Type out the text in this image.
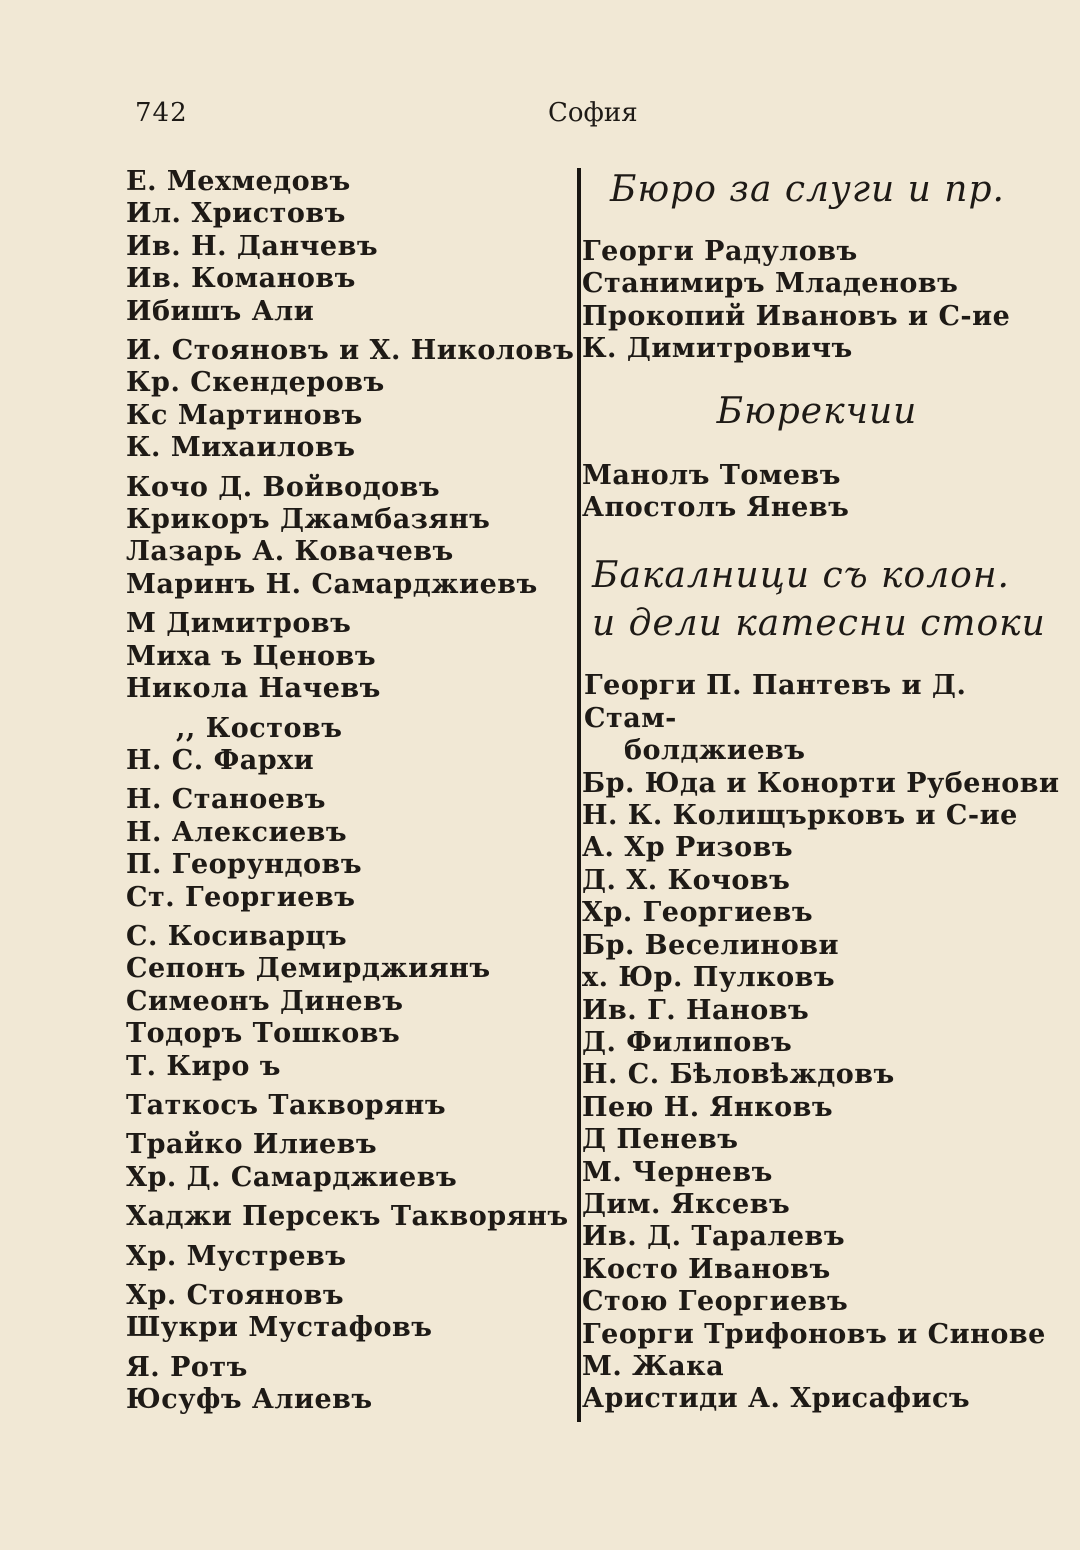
742	София
Е. Мехмедовъ
Ил. Христовъ
Ив. Н. Данчевъ
Ив. Комановъ
Ибишъ Али
И. Стояновъ и Х. Николовъ
Кр. Скендеровъ
Кс Мартиновъ
К. Михаиловъ
Кочо Д. Войводовъ
Крикоръ Джамбазянъ
Лазарь А. Ковачевъ
Маринъ Н. Самарджиевъ
М Димитровъ
Миха ъ Ценовъ
Никола Начевъ
,, Костовъ
Н. С. Фархи
Н. Станоевъ
Н. Алексиевъ
П. Георундовъ
Ст. Георгиевъ
С. Косиварцъ
Сепонъ Демирджиянъ
Симеонъ Диневъ
Тодоръ Тошковъ
Т. Киро ъ
Таткосъ Такворянъ
Трайко Илиевъ
Хр. Д. Самарджиевъ
Хаджи Персекъ Такворянъ
Хр. Мустревъ
Хр. Стояновъ
Шукри Мустафовъ
Я. Ротъ
Юсуфъ Алиевъ
Бюро за слуги и пр.
Георги Радуловъ
Станимиръ Младеновъ
Прокопий Ивановъ и С-ие
К. Димитровичъ
Бюрекчии
Манолъ Томевъ
Апостолъ Яневъ
Бакалници съ колон.
и дели катесни стоки
Георги П. Пантевъ и Д. Стам-
болджиевъ
Бр. Юда и Конорти Рубенови
Н. К. Колищърковъ и С-ие
А. Хр Ризовъ
Д. Х. Кочовъ
Хр. Георгиевъ
Бр. Веселинови
х. Юр. Пулковъ
Ив. Г. Нановъ
Д. Филиповъ
Н. С. Бѣловѣждовъ
Пею Н. Янковъ
Д Пеневъ
М. Черневъ
Дим. Яксевъ
Ив. Д. Таралевъ
Косто Ивановъ
Стою Георгиевъ
Георги Трифоновъ и Синове
М. Жака
Аристиди А. Хрисафисъ
